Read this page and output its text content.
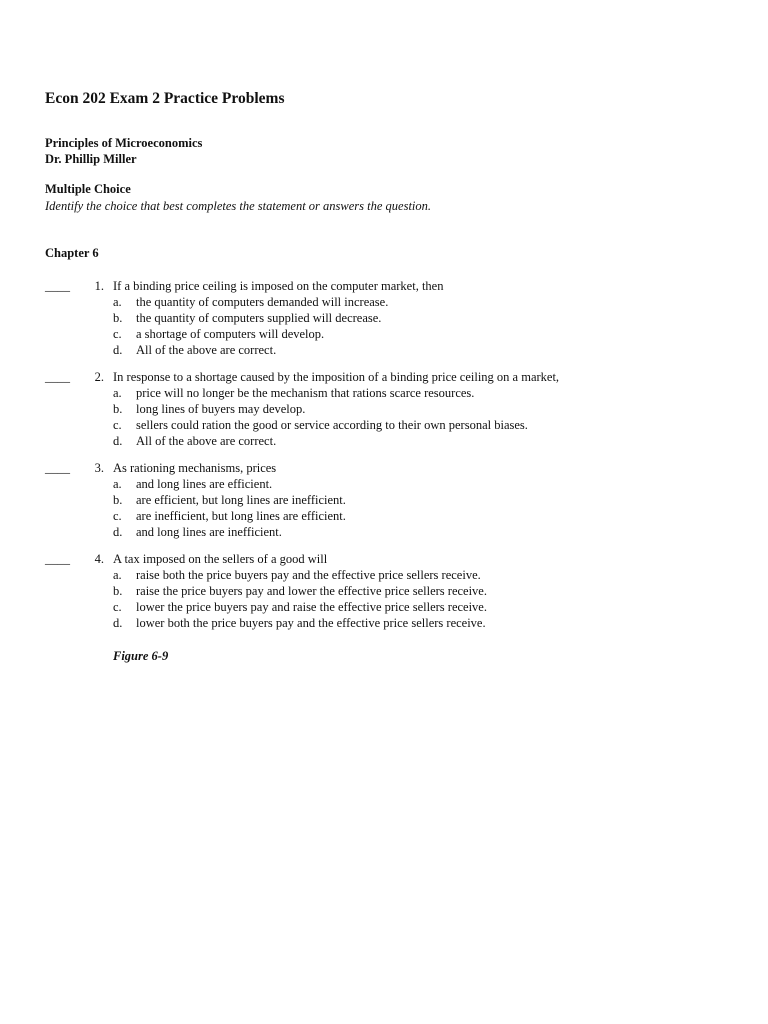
Econ 202 Exam 2 Practice Problems
Principles of Microeconomics
Dr. Phillip Miller
Multiple Choice
Identify the choice that best completes the statement or answers the question.
Chapter 6
____	1. If a binding price ceiling is imposed on the computer market, then
a. the quantity of computers demanded will increase.
b. the quantity of computers supplied will decrease.
c. a shortage of computers will develop.
d. All of the above are correct.
____	2. In response to a shortage caused by the imposition of a binding price ceiling on a market,
a. price will no longer be the mechanism that rations scarce resources.
b. long lines of buyers may develop.
c. sellers could ration the good or service according to their own personal biases.
d. All of the above are correct.
____	3. As rationing mechanisms, prices
a. and long lines are efficient.
b. are efficient, but long lines are inefficient.
c. are inefficient, but long lines are efficient.
d. and long lines are inefficient.
____	4. A tax imposed on the sellers of a good will
a. raise both the price buyers pay and the effective price sellers receive.
b. raise the price buyers pay and lower the effective price sellers receive.
c. lower the price buyers pay and raise the effective price sellers receive.
d. lower both the price buyers pay and the effective price sellers receive.
Figure 6-9
